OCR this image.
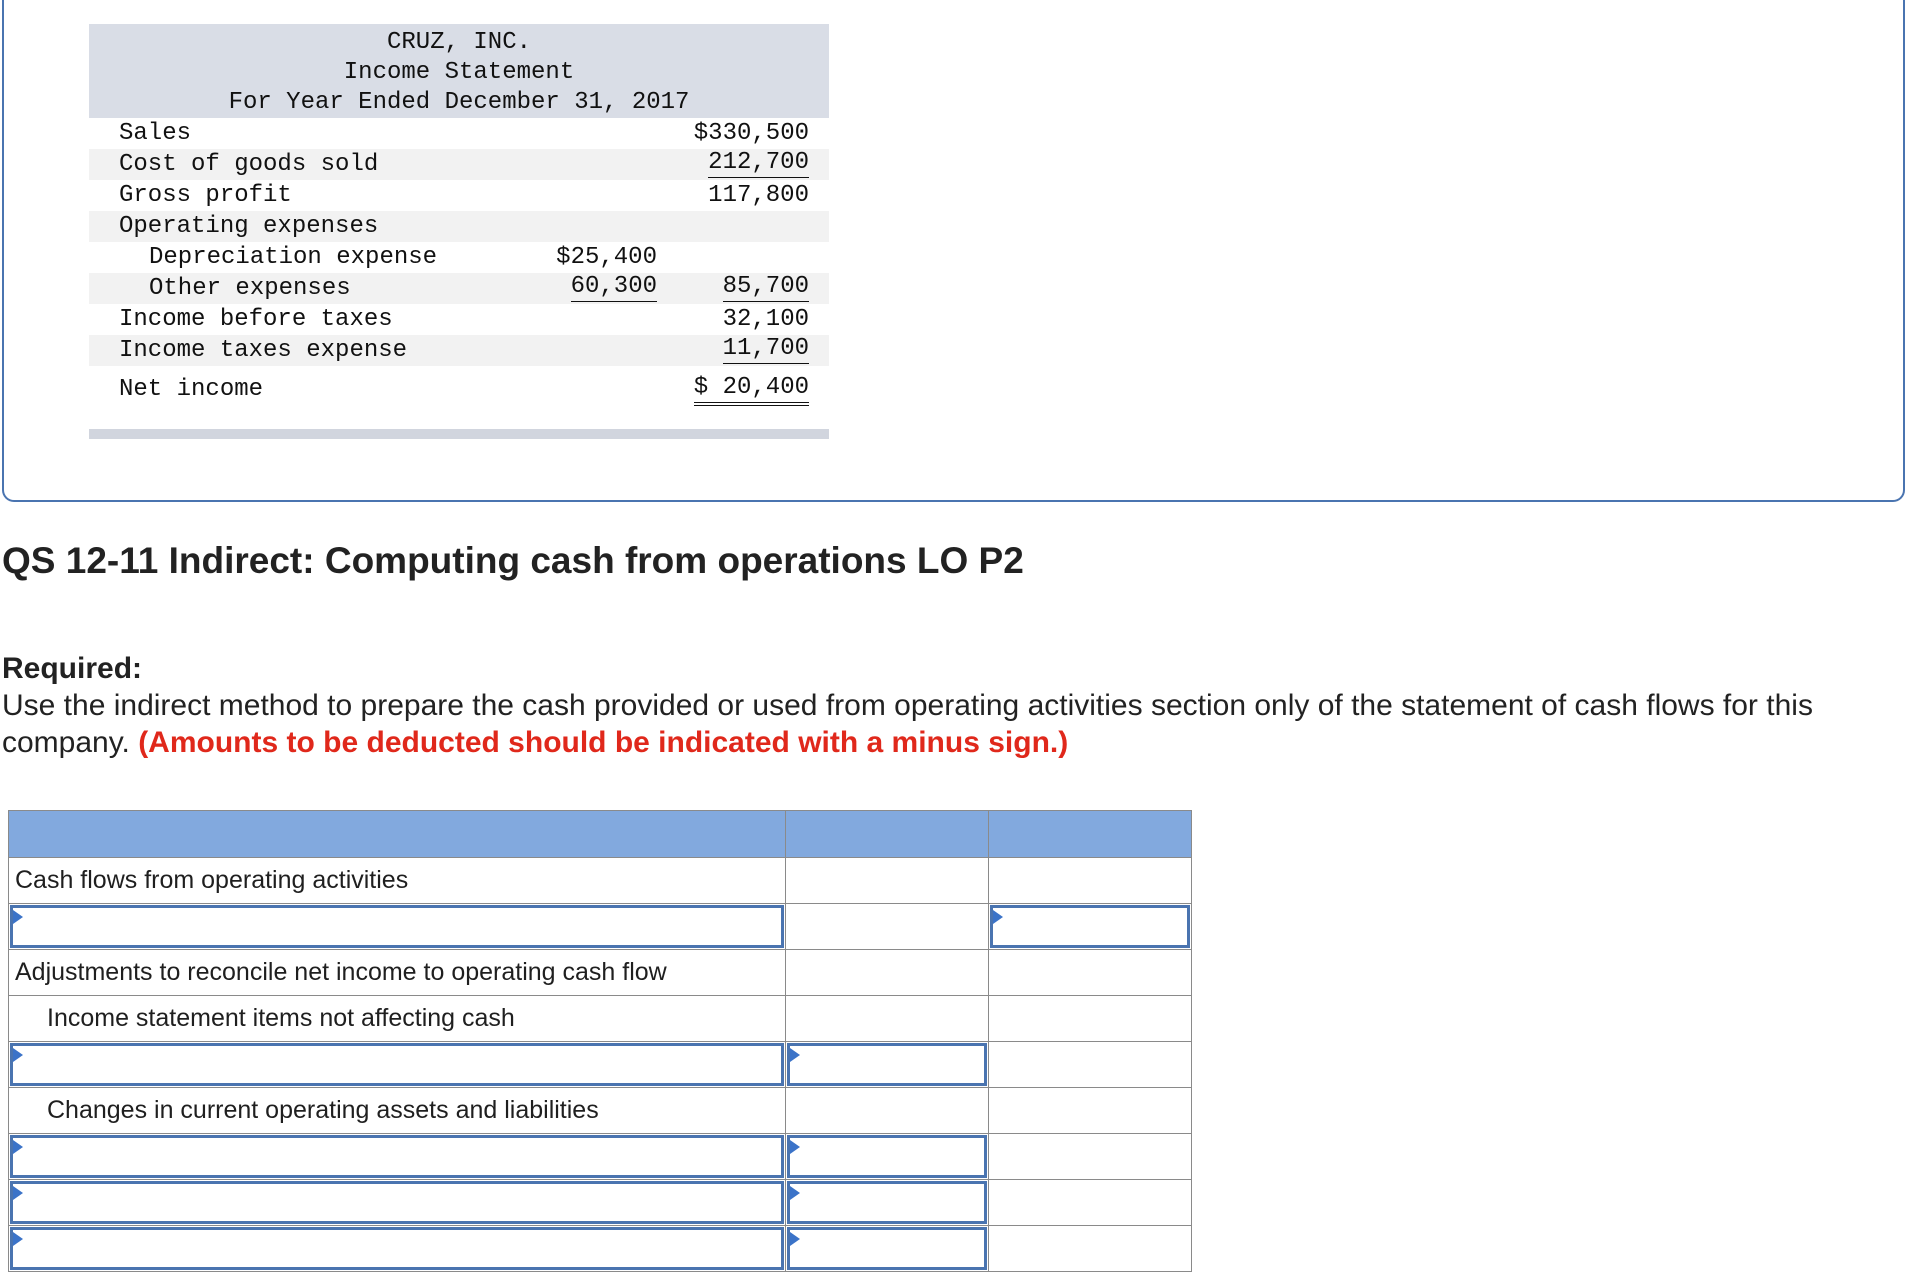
CRUZ, INC.
Income Statement
For Year Ended December 31, 2017
Sales	$330,500
Cost of goods sold	212,700
Gross profit	117,800
Operating expenses
Depreciation expense	$25,400
Other expenses	60,300	85,700
Income before taxes	32,100
Income taxes expense	11,700
Net income	$ 20,400
QS 12-11 Indirect: Computing cash from operations LO P2
Required:
Use the indirect method to prepare the cash provided or used from operating activities section only of the statement of cash flows for this company. (Amounts to be deducted should be indicated with a minus sign.)

Cash flows from operating activities		

Adjustments to reconcile net income to operating cash flow		

Income statement items not affecting cash		

Changes in current operating assets and liabilities		
